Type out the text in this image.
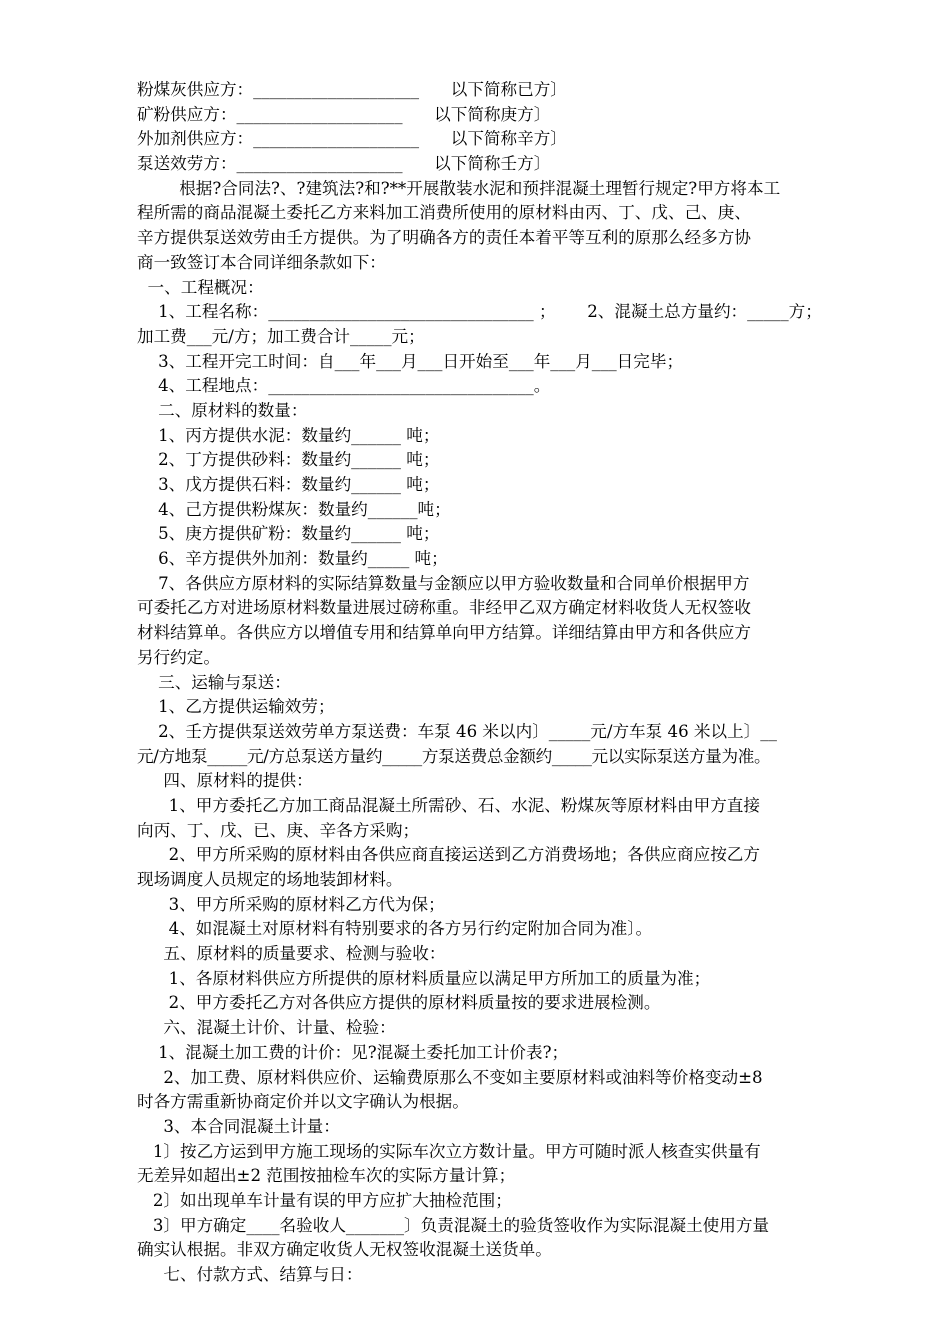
粉煤灰供应方：____________________      以下简称已方〕
矿粉供应方：____________________      以下简称庚方〕
外加剂供应方：____________________      以下简称辛方〕
泵送效劳方：____________________      以下简称壬方〕
根据?合同法?、?建筑法?和?**开展散装水泥和预拌混凝土理暂行规定?甲方将本工
程所需的商品混凝土委托乙方来料加工消费所使用的原材料由丙、丁、戊、己、庚、
辛方提供泵送效劳由壬方提供。为了明确各方的责任本着平等互利的原那么经多方协
商一致签订本合同详细条款如下：
一、工程概况：
1、工程名称：________________________________ ；      2、混凝土总方量约：_____方；
加工费___元/方；加工费合计_____元；
3、工程开完工时间：自___年___月___日开始至___年___月___日完毕；
4、工程地点：________________________________。
二、原材料的数量：
1、丙方提供水泥：数量约______ 吨；
2、丁方提供砂料：数量约______ 吨；
3、戊方提供石料：数量约______ 吨；
4、己方提供粉煤灰：数量约______吨；
5、庚方提供矿粉：数量约______ 吨；
6、辛方提供外加剂：数量约_____ 吨；
7、各供应方原材料的实际结算数量与金额应以甲方验收数量和合同单价根据甲方
可委托乙方对进场原材料数量进展过磅称重。非经甲乙双方确定材料收货人无权签收
材料结算单。各供应方以增值专用和结算单向甲方结算。详细结算由甲方和各供应方
另行约定。
三、运输与泵送：
1、乙方提供运输效劳；
2、壬方提供泵送效劳单方泵送费：车泵 46 米以内〕_____元/方车泵 46 米以上〕__
元/方地泵_____元/方总泵送方量约_____方泵送费总金额约_____元以实际泵送方量为准。
四、原材料的提供：
1、甲方委托乙方加工商品混凝土所需砂、石、水泥、粉煤灰等原材料由甲方直接
向丙、丁、戊、已、庚、辛各方采购；
2、甲方所采购的原材料由各供应商直接运送到乙方消费场地；各供应商应按乙方
现场调度人员规定的场地装卸材料。
3、甲方所采购的原材料乙方代为保；
4、如混凝土对原材料有特别要求的各方另行约定附加合同为准〕。
五、原材料的质量要求、检测与验收：
1、各原材料供应方所提供的原材料质量应以满足甲方所加工的质量为准；
2、甲方委托乙方对各供应方提供的原材料质量按的要求进展检测。
六、混凝土计价、计量、检验：
1、混凝土加工费的计价：见?混凝土委托加工计价表?；
2、加工费、原材料供应价、运输费原那么不变如主要原材料或油料等价格变动±8
时各方需重新协商定价并以文字确认为根据。
3、本合同混凝土计量：
1〕按乙方运到甲方施工现场的实际车次立方数计量。甲方可随时派人核查实供量有
无差异如超出±2 范围按抽检车次的实际方量计算；
2〕如出现单车计量有误的甲方应扩大抽检范围；
3〕甲方确定____名验收人_______〕负责混凝土的验货签收作为实际混凝土使用方量
确实认根据。非双方确定收货人无权签收混凝土送货单。
七、付款方式、结算与日：
